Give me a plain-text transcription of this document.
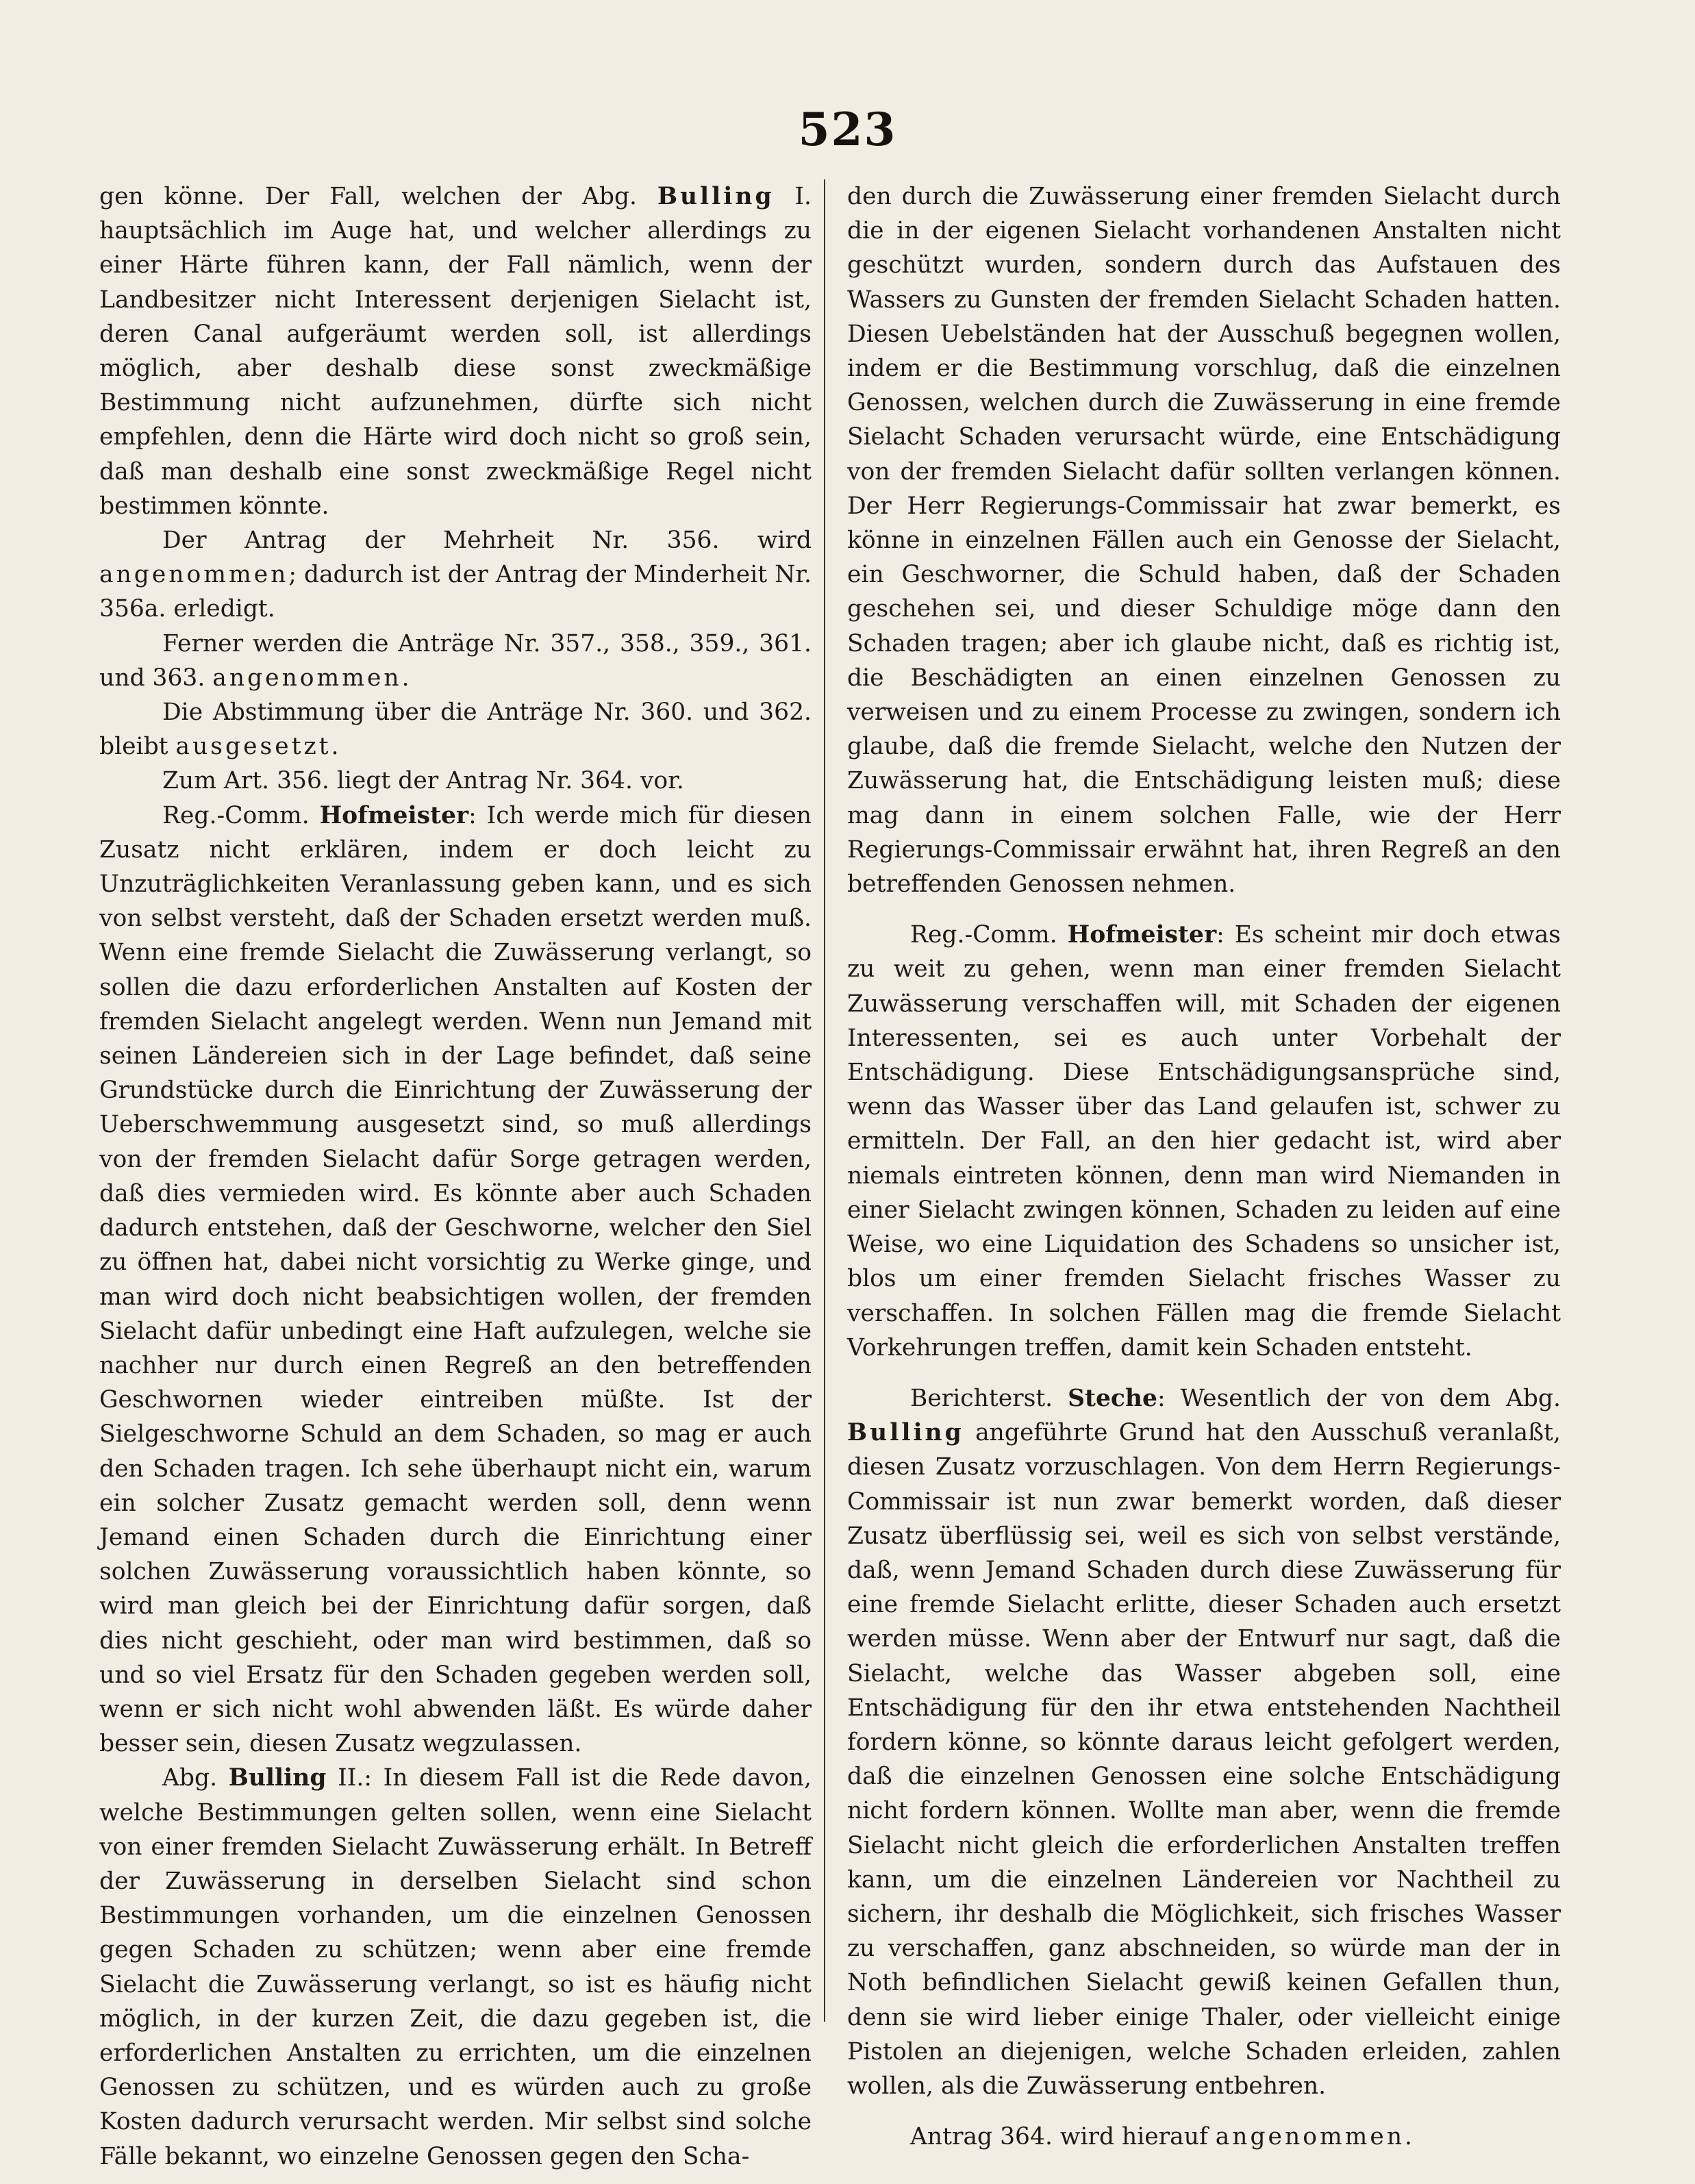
523

gen könne. Der Fall, welchen der Abg. Bulling I. hauptsächlich im Auge hat, und welcher allerdings zu einer Härte führen kann, der Fall nämlich, wenn der Landbesitzer nicht Interessent derjenigen Sielacht ist, deren Canal aufgeräumt werden soll, ist allerdings möglich, aber deshalb diese sonst zweckmäßige Bestimmung nicht aufzunehmen, dürfte sich nicht empfehlen, denn die Härte wird doch nicht so groß sein, daß man deshalb eine sonst zweckmäßige Regel nicht bestimmen könnte.

Der Antrag der Mehrheit Nr. 356. wird angenommen; dadurch ist der Antrag der Minderheit Nr. 356a. erledigt.

Ferner werden die Anträge Nr. 357., 358., 359., 361. und 363. angenommen.

Die Abstimmung über die Anträge Nr. 360. und 362. bleibt ausgesetzt.

Zum Art. 356. liegt der Antrag Nr. 364. vor.

Reg.-Comm. Hofmeister: Ich werde mich für diesen Zusatz nicht erklären, indem er doch leicht zu Unzuträglichkeiten Veranlassung geben kann, und es sich von selbst versteht, daß der Schaden ersetzt werden muß. Wenn eine fremde Sielacht die Zuwässerung verlangt, so sollen die dazu erforderlichen Anstalten auf Kosten der fremden Sielacht angelegt werden. Wenn nun Jemand mit seinen Ländereien sich in der Lage befindet, daß seine Grundstücke durch die Einrichtung der Zuwässerung der Ueberschwemmung ausgesetzt sind, so muß allerdings von der fremden Sielacht dafür Sorge getragen werden, daß dies vermieden wird. Es könnte aber auch Schaden dadurch entstehen, daß der Geschworne, welcher den Siel zu öffnen hat, dabei nicht vorsichtig zu Werke ginge, und man wird doch nicht beabsichtigen wollen, der fremden Sielacht dafür unbedingt eine Haft aufzulegen, welche sie nachher nur durch einen Regreß an den betreffenden Geschwornen wieder eintreiben müßte. Ist der Sielgeschworne Schuld an dem Schaden, so mag er auch den Schaden tragen. Ich sehe überhaupt nicht ein, warum ein solcher Zusatz gemacht werden soll, denn wenn Jemand einen Schaden durch die Einrichtung einer solchen Zuwässerung voraussichtlich haben könnte, so wird man gleich bei der Einrichtung dafür sorgen, daß dies nicht geschieht, oder man wird bestimmen, daß so und so viel Ersatz für den Schaden gegeben werden soll, wenn er sich nicht wohl abwenden läßt. Es würde daher besser sein, diesen Zusatz wegzulassen.

Abg. Bulling II.: In diesem Fall ist die Rede davon, welche Bestimmungen gelten sollen, wenn eine Sielacht von einer fremden Sielacht Zuwässerung erhält. In Betreff der Zuwässerung in derselben Sielacht sind schon Bestimmungen vorhanden, um die einzelnen Genossen gegen Schaden zu schützen; wenn aber eine fremde Sielacht die Zuwässerung verlangt, so ist es häufig nicht möglich, in der kurzen Zeit, die dazu gegeben ist, die erforderlichen Anstalten zu errichten, um die einzelnen Genossen zu schützen, und es würden auch zu große Kosten dadurch verursacht werden. Mir selbst sind solche Fälle bekannt, wo einzelne Genossen gegen den Scha-

den durch die Zuwässerung einer fremden Sielacht durch die in der eigenen Sielacht vorhandenen Anstalten nicht geschützt wurden, sondern durch das Aufstauen des Wassers zu Gunsten der fremden Sielacht Schaden hatten. Diesen Uebelständen hat der Ausschuß begegnen wollen, indem er die Bestimmung vorschlug, daß die einzelnen Genossen, welchen durch die Zuwässerung in eine fremde Sielacht Schaden verursacht würde, eine Entschädigung von der fremden Sielacht dafür sollten verlangen können. Der Herr Regierungs-Commissair hat zwar bemerkt, es könne in einzelnen Fällen auch ein Genosse der Sielacht, ein Geschworner, die Schuld haben, daß der Schaden geschehen sei, und dieser Schuldige möge dann den Schaden tragen; aber ich glaube nicht, daß es richtig ist, die Beschädigten an einen einzelnen Genossen zu verweisen und zu einem Processe zu zwingen, sondern ich glaube, daß die fremde Sielacht, welche den Nutzen der Zuwässerung hat, die Entschädigung leisten muß; diese mag dann in einem solchen Falle, wie der Herr Regierungs-Commissair erwähnt hat, ihren Regreß an den betreffenden Genossen nehmen.

Reg.-Comm. Hofmeister: Es scheint mir doch etwas zu weit zu gehen, wenn man einer fremden Sielacht Zuwässerung verschaffen will, mit Schaden der eigenen Interessenten, sei es auch unter Vorbehalt der Entschädigung. Diese Entschädigungsansprüche sind, wenn das Wasser über das Land gelaufen ist, schwer zu ermitteln. Der Fall, an den hier gedacht ist, wird aber niemals eintreten können, denn man wird Niemanden in einer Sielacht zwingen können, Schaden zu leiden auf eine Weise, wo eine Liquidation des Schadens so unsicher ist, blos um einer fremden Sielacht frisches Wasser zu verschaffen. In solchen Fällen mag die fremde Sielacht Vorkehrungen treffen, damit kein Schaden entsteht.

Berichterst. Steche: Wesentlich der von dem Abg. Bulling angeführte Grund hat den Ausschuß veranlaßt, diesen Zusatz vorzuschlagen. Von dem Herrn Regierungs-Commissair ist nun zwar bemerkt worden, daß dieser Zusatz überflüssig sei, weil es sich von selbst verstände, daß, wenn Jemand Schaden durch diese Zuwässerung für eine fremde Sielacht erlitte, dieser Schaden auch ersetzt werden müsse. Wenn aber der Entwurf nur sagt, daß die Sielacht, welche das Wasser abgeben soll, eine Entschädigung für den ihr etwa entstehenden Nachtheil fordern könne, so könnte daraus leicht gefolgert werden, daß die einzelnen Genossen eine solche Entschädigung nicht fordern können. Wollte man aber, wenn die fremde Sielacht nicht gleich die erforderlichen Anstalten treffen kann, um die einzelnen Ländereien vor Nachtheil zu sichern, ihr deshalb die Möglichkeit, sich frisches Wasser zu verschaffen, ganz abschneiden, so würde man der in Noth befindlichen Sielacht gewiß keinen Gefallen thun, denn sie wird lieber einige Thaler, oder vielleicht einige Pistolen an diejenigen, welche Schaden erleiden, zahlen wollen, als die Zuwässerung entbehren.

Antrag 364. wird hierauf angenommen.
